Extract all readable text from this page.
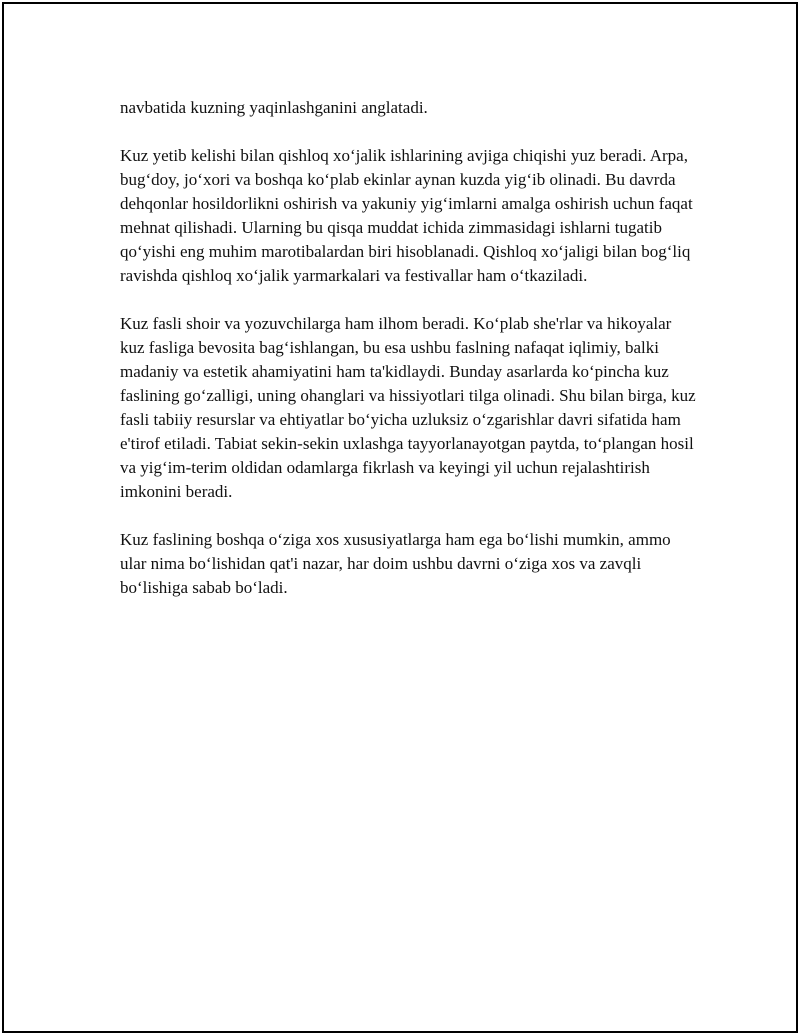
navbatida kuzning yaqinlashganini anglatadi.

Kuz yetib kelishi bilan qishloq xo‘jalik ishlarining avjiga chiqishi yuz beradi. Arpa, bug‘doy, jo‘xori va boshqa ko‘plab ekinlar aynan kuzda yig‘ib olinadi. Bu davrda dehqonlar hosildorlikni oshirish va yakuniy yig‘imlarni amalga oshirish uchun faqat mehnat qilishadi. Ularning bu qisqa muddat ichida zimmasidagi ishlarni tugatib qo‘yishi eng muhim marotibalardan biri hisoblanadi. Qishloq xo‘jaligi bilan bog‘liq ravishda qishloq xo‘jalik yarmarkalari va festivallar ham o‘tkaziladi.

Kuz fasli shoir va yozuvchilarga ham ilhom beradi. Ko‘plab she'rlar va hikoyalar kuz fasliga bevosita bag‘ishlangan, bu esa ushbu faslning nafaqat iqlimiy, balki madaniy va estetik ahamiyatini ham ta'kidlaydi. Bunday asarlarda ko‘pincha kuz faslining go‘zalligi, uning ohanglari va hissiyotlari tilga olinadi. Shu bilan birga, kuz fasli tabiiy resurslar va ehtiyatlar bo‘yicha uzluksiz o‘zgarishlar davri sifatida ham e'tirof etiladi. Tabiat sekin-sekin uxlashga tayyorlanayotgan paytda, to‘plangan hosil va yig‘im-terim oldidan odamlarga fikrlash va keyingi yil uchun rejalashtirish imkonini beradi.

Kuz faslining boshqa o‘ziga xos xususiyatlarga ham ega bo‘lishi mumkin, ammo ular nima bo‘lishidan qat'i nazar, har doim ushbu davrni o‘ziga xos va zavqli bo‘lishiga sabab bo‘ladi.
